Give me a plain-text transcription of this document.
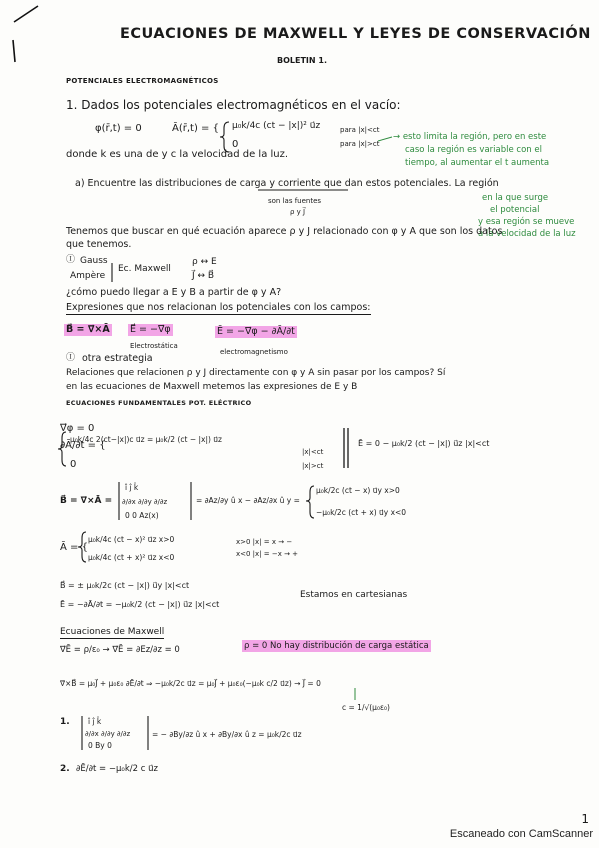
ECUACIONES DE MAXWELL Y LEYES DE CONSERVACIÓN
BOLETIN 1.
POTENCIALES ELECTROMAGNÉTICOS
1. Dados los potenciales electromagnéticos en el vacío:
φ(r̄,t) = 0	Ā(r̄,t) = { μ₀k/4c (ct − |x|)² u⃗z	para |x|<ct
0	para |x|>ct
→ esto limita la región, pero en este
caso la región es variable con el
tiempo, al aumentar el t aumenta
donde k es una de y c la velocidad de la luz.
a) Encuentre las distribuciones de carga y corriente que dan estos potenciales. La región
en la que surge
el potencial
y esa región se mueve
a la velocidad de la luz
son las fuentes
ρ y J⃗
Tenemos que buscar en qué ecuación aparece ρ y J relacionado con φ y A que son los datos
que tenemos.
Ⓘ Gauss
Ampère
Ec. Maxwell
ρ ↔ E
J⃗ ↔ B⃗
¿cómo puedo llegar a E y B a partir de φ y A?
Expresiones que nos relacionan los potenciales con los campos:
B⃗ = ∇⃗×Ā E⃗ = −∇⃗φ
Electrostática
Ē = −∇⃗φ − ∂Ā/∂t
electromagnetismo
Ⓘ otra estrategia
Relaciones que relacionen ρ y J directamente con φ y A sin pasar por los campos? Sí
en las ecuaciones de Maxwell metemos las expresiones de E y B
ECUACIONES FUNDAMENTALES POT. ELÉCTRICO
∇⃗φ = 0
∂Ā/∂t = {
μ₀k/4c 2(ct−|x|)c u⃗z = μ₀k/2 (ct − |x|) u⃗z
|x|<ct
0	|x|>ct
Ē = 0 − μ₀k/2 (ct − |x|) u⃗z |x|<ct
B⃗ = ∇⃗×Ā =
î ĵ k̂
∂/∂x ∂/∂y ∂/∂z
0 0 Az(x)
= ∂Az/∂y û x − ∂Az/∂x û y =
μ₀k/2c (ct − x) u⃗y x>0
−μ₀k/2c (ct + x) u⃗y x<0
Ā = {
μ₀k/4c (ct − x)² u⃗z x>0
μ₀k/4c (ct + x)² u⃗z x<0
x>0 |x| = x → −
x<0 |x| = −x → +
B⃗ = ± μ₀k/2c (ct − |x|) u⃗y |x|<ct
Ē = −∂Ā/∂t = −μ₀k/2 (ct − |x|) u⃗z |x|<ct
Estamos en cartesianas
Ecuaciones de Maxwell
∇⃗Ē = ρ/ε₀ → ∇⃗Ē = ∂Ez/∂z = 0	ρ = 0 No hay distribución de carga estática
∇⃗×B⃗ = μ₀J⃗ + μ₀ε₀ ∂Ē/∂t ⇒ −μ₀k/2c u⃗z = μ₀J⃗ + μ₀ε₀(−μ₀k c/2 u⃗z) → J⃗ = 0
c = 1/√(μ₀ε₀)
1. î ĵ k̂
∂/∂x ∂/∂y ∂/∂z
0 By 0
= − ∂By/∂z û x + ∂By/∂x û z = μ₀k/2c u⃗z
2. ∂Ē/∂t = −μ₀k/2 c u⃗z
1
Escaneado con CamScanner
